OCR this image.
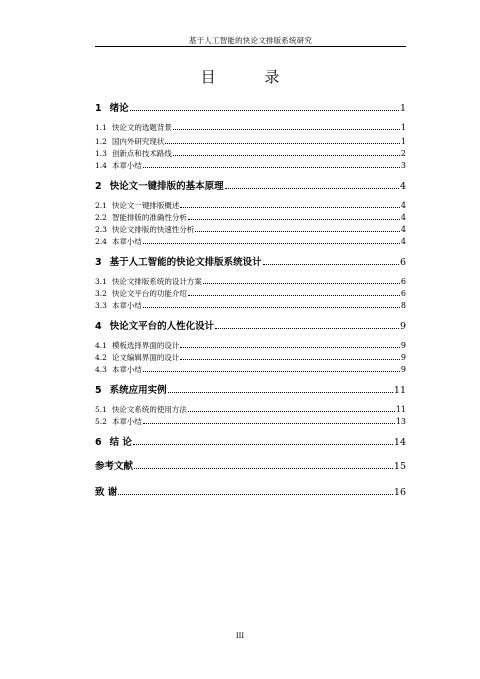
基于人工智能的快论文排版系统研究
目 录
1 绪论	1
1.1 快论文的选题背景	1
1.2 国内外研究现状	1
1.3 创新点和技术路线	2
1.4 本章小结	3
2 快论文一键排版的基本原理	4
2.1 快论文一键排版概述	4
2.2 智能排版的准确性分析	4
2.3 快论文排版的快速性分析	4
2.4 本章小结	4
3 基于人工智能的快论文排版系统设计	6
3.1 快论文排版系统的设计方案	6
3.2 快论文平台的功能介绍	6
3.3 本章小结	8
4 快论文平台的人性化设计	9
4.1 模板选择界面的设计	9
4.2 论文编辑界面的设计	9
4.3 本章小结	9
5 系统应用实例	11
5.1 快论文系统的使用方法	11
5.2 本章小结	13
6 结 论	14
参考文献	15
致 谢	16
III
